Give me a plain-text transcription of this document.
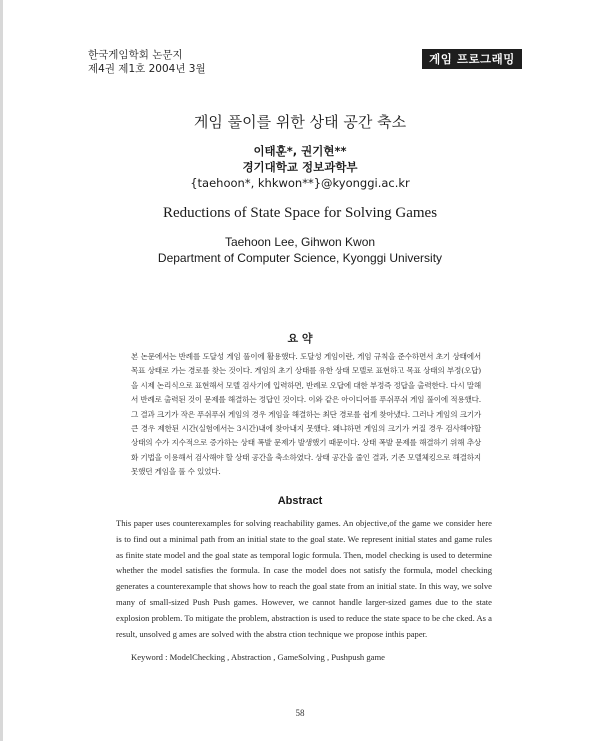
한국게임학회 논문지
제4권 제1호 2004년 3월
게임 프로그래밍
게임 풀이를 위한 상태 공간 축소
이태훈*, 권기현**
경기대학교 정보과학부
{taehoon*, khkwon**}@kyonggi.ac.kr
Reductions of State Space for Solving Games
Taehoon Lee, Gihwon Kwon
Department of Computer Science, Kyonggi University
요 약

본 논문에서는 반례를 도달성 게임 풀이에 활용했다. 도달성 게임이란, 게임 규칙을 준수하면서 초기 상태에서 목표 상태로 가는 경로를 찾는 것이다. 게임의 초기 상태를 유한 상태 모델로 표현하고 목표 상태의 부정(오답)을 시제 논리식으로 표현해서 모델 검사기에 입력하면, 반례로 오답에 대한 부정즉 정답을 출력한다. 다시 말해서 반례로 출력된 것이 문제를 해결하는 정답인 것이다. 이와 같은 아이디어를 푸쉬푸쉬 게임 풀이에 적용했다. 그 결과 크기가 작은 푸쉬푸쉬 게임의 경우 게임을 해결하는 최단 경로를 쉽게 찾아냈다. 그러나 게임의 크기가 큰 경우 제한된 시간(실험에서는 3시간)내에 찾아내지 못했다. 왜냐하면 게임의 크기가 커질 경우 검사해야할 상태의 수가 지수적으로 증가하는 상태 폭발 문제가 발생했기 때문이다. 상태 폭발 문제를 해결하기 위해 추상화 기법을 이용해서 검사해야 할 상태 공간을 축소하였다. 상태 공간을 줄인 결과, 기존 모델체킹으로 해결하지 못했던 게임을 풀 수 있었다.

Abstract

This paper uses counterexamples for solving reachability games. An objective,of the game we consider here is to find out a minimal path from an initial state to the goal state. We represent initial states and game rules as finite state model and the goal state as temporal logic formula. Then, model checking is used to determine whether the model satisfies the formula. In case the model does not satisfy the formula, model checking generates a counterexample that shows how to reach the goal state from an initial state. In this way, we solve many of small-sized Push Push games. However, we cannot handle larger-sized games due to the state explosion problem. To mitigate the problem, abstraction is used to reduce the state space to be che cked. As a result, unsolved g ames are solved with the abstra ction technique we propose inthis paper.

Keyword : ModelChecking , Abstraction , GameSolving , Pushpush game
58
